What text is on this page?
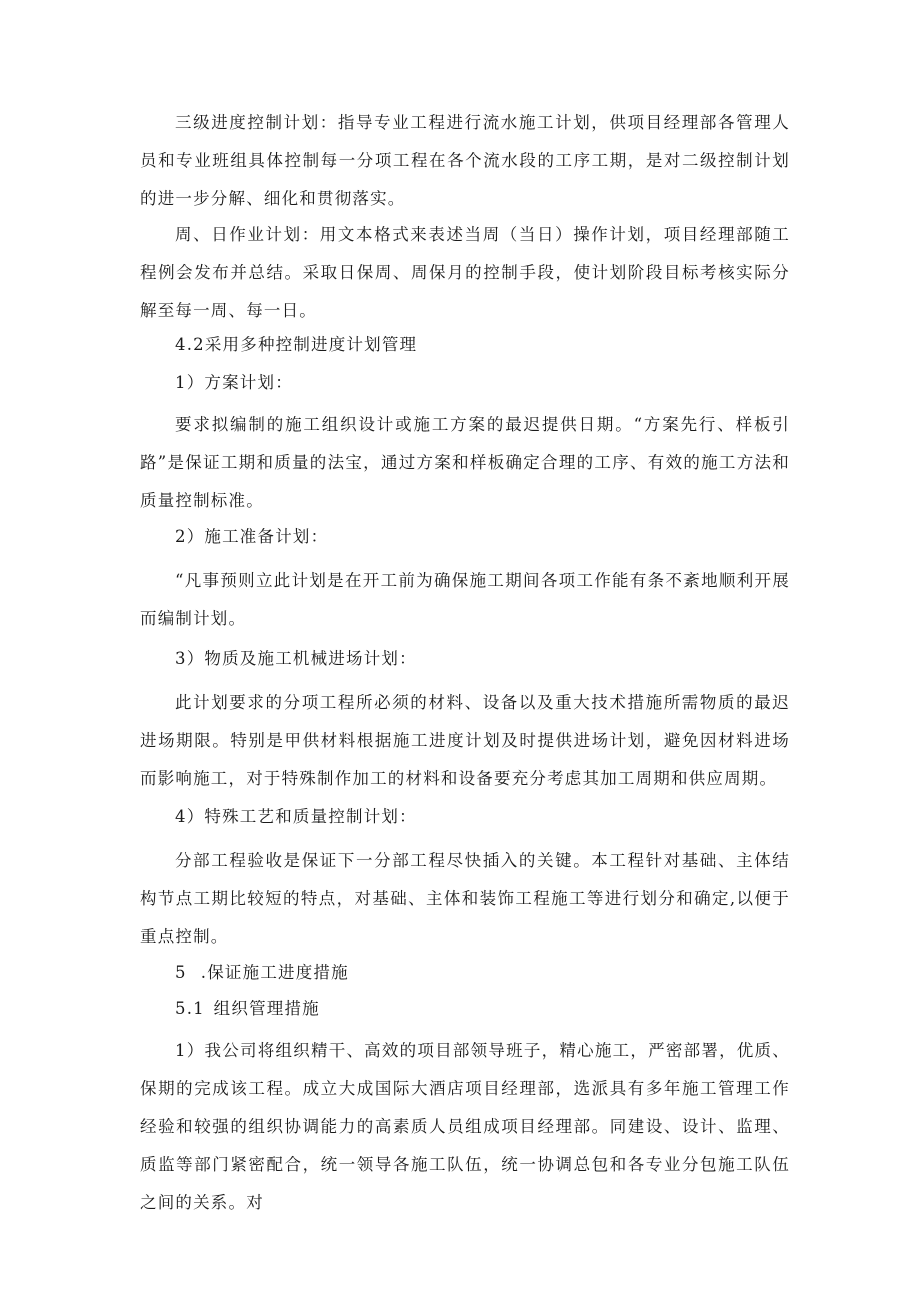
三级进度控制计划：指导专业工程进行流水施工计划，供项目经理部各管理人员和专业班组具体控制每一分项工程在各个流水段的工序工期，是对二级控制计划的进一步分解、细化和贯彻落实。

周、日作业计划：用文本格式来表述当周（当日）操作计划，项目经理部随工程例会发布并总结。采取日保周、周保月的控制手段，使计划阶段目标考核实际分解至每一周、每一日。

4.2采用多种控制进度计划管理

1）方案计划：

要求拟编制的施工组织设计或施工方案的最迟提供日期。“方案先行、样板引路”是保证工期和质量的法宝，通过方案和样板确定合理的工序、有效的施工方法和质量控制标准。

2）施工准备计划：

“凡事预则立此计划是在开工前为确保施工期间各项工作能有条不紊地顺利开展而编制计划。

3）物质及施工机械进场计划：

此计划要求的分项工程所必须的材料、设备以及重大技术措施所需物质的最迟进场期限。特别是甲供材料根据施工进度计划及时提供进场计划，避免因材料进场而影响施工，对于特殊制作加工的材料和设备要充分考虑其加工周期和供应周期。

4）特殊工艺和质量控制计划：

分部工程验收是保证下一分部工程尽快插入的关键。本工程针对基础、主体结构节点工期比较短的特点，对基础、主体和装饰工程施工等进行划分和确定,以便于重点控制。

5	.保证施工进度措施

5.1	组织管理措施

1）我公司将组织精干、高效的项目部领导班子，精心施工，严密部署，优质、保期的完成该工程。成立大成国际大酒店项目经理部，选派具有多年施工管理工作经验和较强的组织协调能力的高素质人员组成项目经理部。同建设、设计、监理、质监等部门紧密配合，统一领导各施工队伍，统一协调总包和各专业分包施工队伍之间的关系。对
